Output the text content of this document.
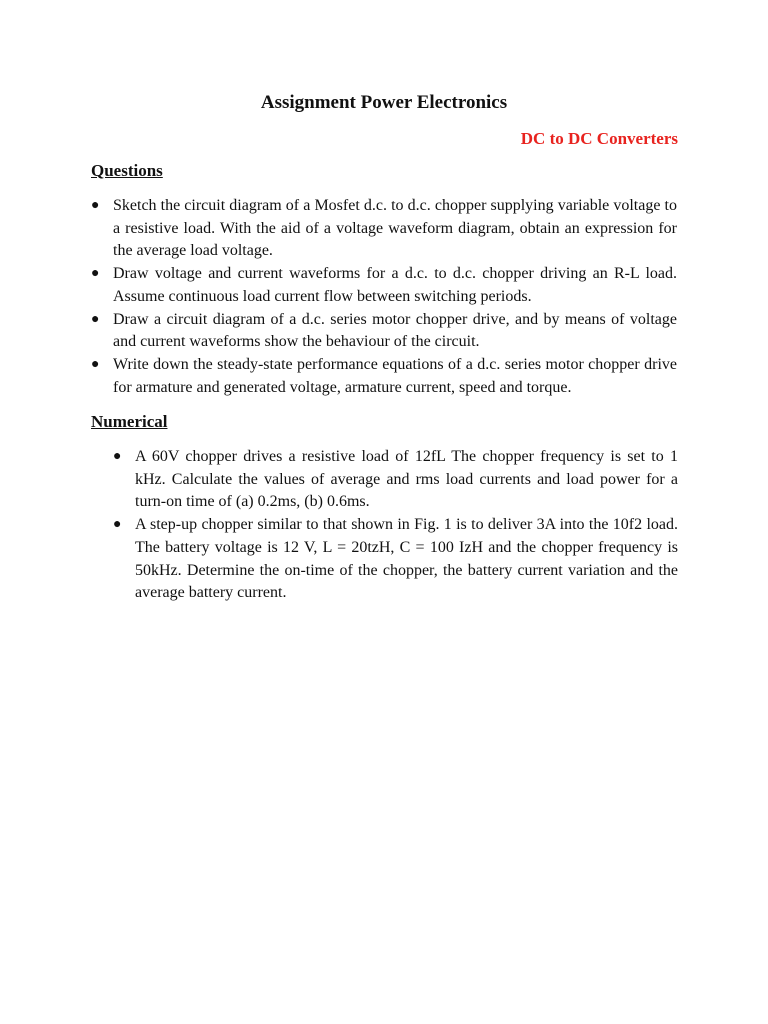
Assignment Power Electronics
DC to DC Converters
Questions
● Sketch the circuit diagram of a Mosfet d.c. to d.c. chopper supplying variable voltage to a resistive load. With the aid of a voltage waveform diagram, obtain an expression for the average load voltage.
● Draw voltage and current waveforms for a d.c. to d.c. chopper driving an R-L load. Assume continuous load current flow between switching periods.
● Draw a circuit diagram of a d.c. series motor chopper drive, and by means of voltage and current waveforms show the behaviour of the circuit.
● Write down the steady-state performance equations of a d.c. series motor chopper drive for armature and generated voltage, armature current, speed and torque.
Numerical
● A 60V chopper drives a resistive load of 12fL The chopper frequency is set to 1 kHz. Calculate the values of average and rms load currents and load power for a turn-on time of (a) 0.2ms, (b) 0.6ms.
● A step-up chopper similar to that shown in Fig. 1 is to deliver 3A into the 10f2 load. The battery voltage is 12 V, L = 20tzH, C = 100 IzH and the chopper frequency is 50kHz. Determine the on-time of the chopper, the battery current variation and the average battery current.
